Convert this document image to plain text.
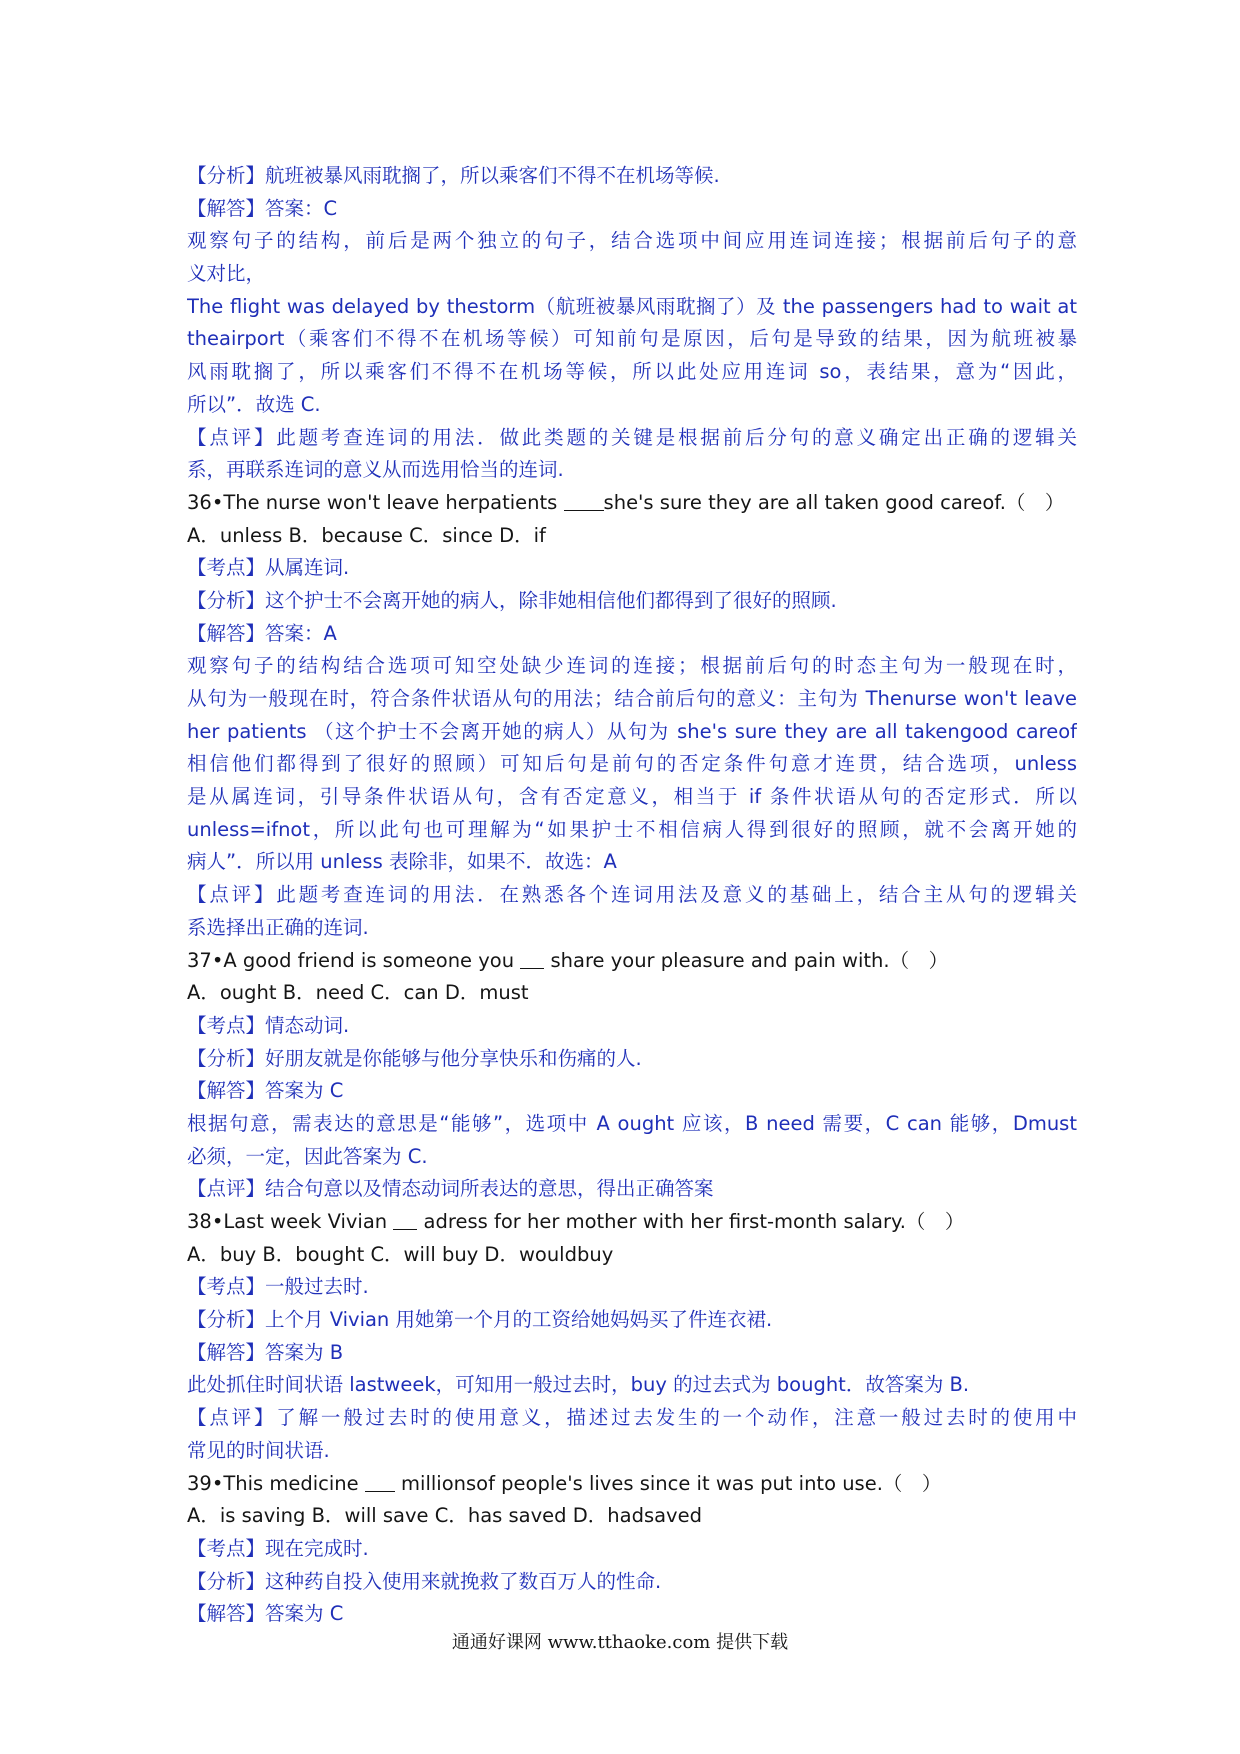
【分析】航班被暴风雨耽搁了，所以乘客们不得不在机场等候.
【解答】答案：C
观察句子的结构，前后是两个独立的句子，结合选项中间应用连词连接；根据前后句子的意
义对比，
The flight was delayed by thestorm（航班被暴风雨耽搁了）及 the passengers had to wait at
theairport（乘客们不得不在机场等候）可知前句是原因，后句是导致的结果，因为航班被暴
风雨耽搁了，所以乘客们不得不在机场等候，所以此处应用连词 so，表结果，意为“因此，
所以”．故选 C.
【点评】此题考查连词的用法．做此类题的关键是根据前后分句的意义确定出正确的逻辑关
系，再联系连词的意义从而选用恰当的连词.
36•The nurse won't leave herpatients she's sure they are all taken good careof.（　）
A．unless B．because C．since D．if
【考点】从属连词.
【分析】这个护士不会离开她的病人，除非她相信他们都得到了很好的照顾.
【解答】答案：A
观察句子的结构结合选项可知空处缺少连词的连接；根据前后句的时态主句为一般现在时，
从句为一般现在时，符合条件状语从句的用法；结合前后句的意义：主句为 Thenurse won't leave
her patients （这个护士不会离开她的病人）从句为 she's sure they are all takengood careof
相信他们都得到了很好的照顾）可知后句是前句的否定条件句意才连贯，结合选项，unless
是从属连词，引导条件状语从句，含有否定意义，相当于 if 条件状语从句的否定形式．所以
unless=ifnot，所以此句也可理解为“如果护士不相信病人得到很好的照顾，就不会离开她的
病人”．所以用 unless 表除非，如果不．故选：A
【点评】此题考查连词的用法．在熟悉各个连词用法及意义的基础上，结合主从句的逻辑关
系选择出正确的连词.
37•A good friend is someone you  share your pleasure and pain with.（　）
A．ought B．need C．can D．must
【考点】情态动词.
【分析】好朋友就是你能够与他分享快乐和伤痛的人.
【解答】答案为 C
根据句意，需表达的意思是“能够”，选项中 A ought 应该，B need 需要，C can 能够，Dmust
必须，一定，因此答案为 C.
【点评】结合句意以及情态动词所表达的意思，得出正确答案
38•Last week Vivian  adress for her mother with her first-month salary.（　）
A．buy B．bought C．will buy D．wouldbuy
【考点】一般过去时.
【分析】上个月 Vivian 用她第一个月的工资给她妈妈买了件连衣裙.
【解答】答案为 B
此处抓住时间状语 lastweek，可知用一般过去时，buy 的过去式为 bought．故答案为 B.
【点评】了解一般过去时的使用意义，描述过去发生的一个动作，注意一般过去时的使用中
常见的时间状语.
39•This medicine  millionsof people's lives since it was put into use.（　）
A．is saving B．will save C．has saved D．hadsaved
【考点】现在完成时.
【分析】这种药自投入使用来就挽救了数百万人的性命.
【解答】答案为 C
通通好课网 www.tthaoke.com 提供下载
